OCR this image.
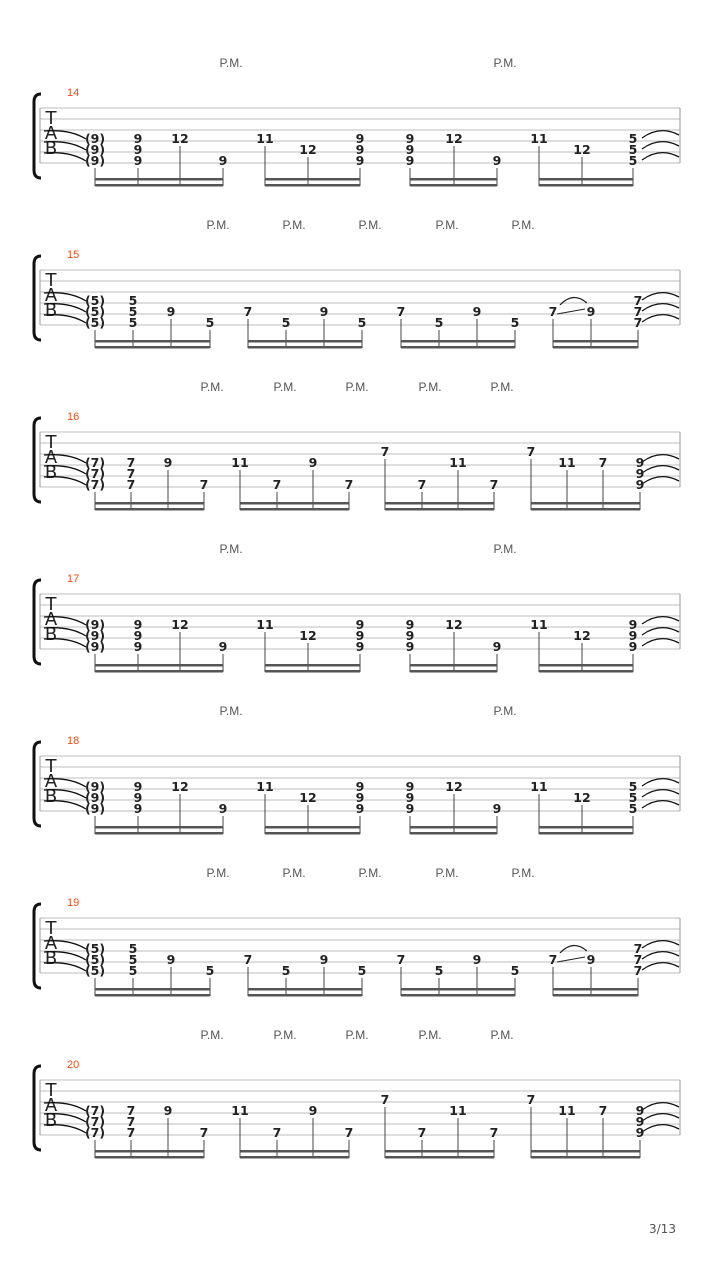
P.M.	P.M.
14
T
A
B (9)
(9)
(9)
9
9
9
12
9
11
12
9
9
9
9
9
9
12
9
11
12
5
5
5
P.M.	P.M.	P.M.	P.M.	P.M.
15
T
A
B (5)
(5)
(5)
5
5
5
9
5
7
5
9
5
7
5
9
5
7 9
7
7
7
P.M.	P.M.	P.M.	P.M.	P.M.
16
T
A
B (7)
(7)
(7)
7
7
7
9
7
11
7
9
7
7
7
11
7
7
11 7 9
9
9
P.M.	P.M.
17
T
A
B (9)
(9)
(9)
9
9
9
12
9
11
12
9
9
9
9
9
9
12
9
11
12
9
9
9
P.M.	P.M.
18
T
A
B (9)
(9)
(9)
9
9
9
12
9
11
12
9
9
9
9
9
9
12
9
11
12
5
5
5
P.M.	P.M.	P.M.	P.M.	P.M.
19
T
A
B (5)
(5)
(5)
5
5
5
9
5
7
5
9
5
7
5
9
5
7 9
7
7
7
P.M.	P.M.	P.M.	P.M.	P.M.
20
T
A
B (7)
(7)
(7)
7
7
7
9
7
11
7
9
7
7
7
11
7
7
11 7 9
9
9
3/13
